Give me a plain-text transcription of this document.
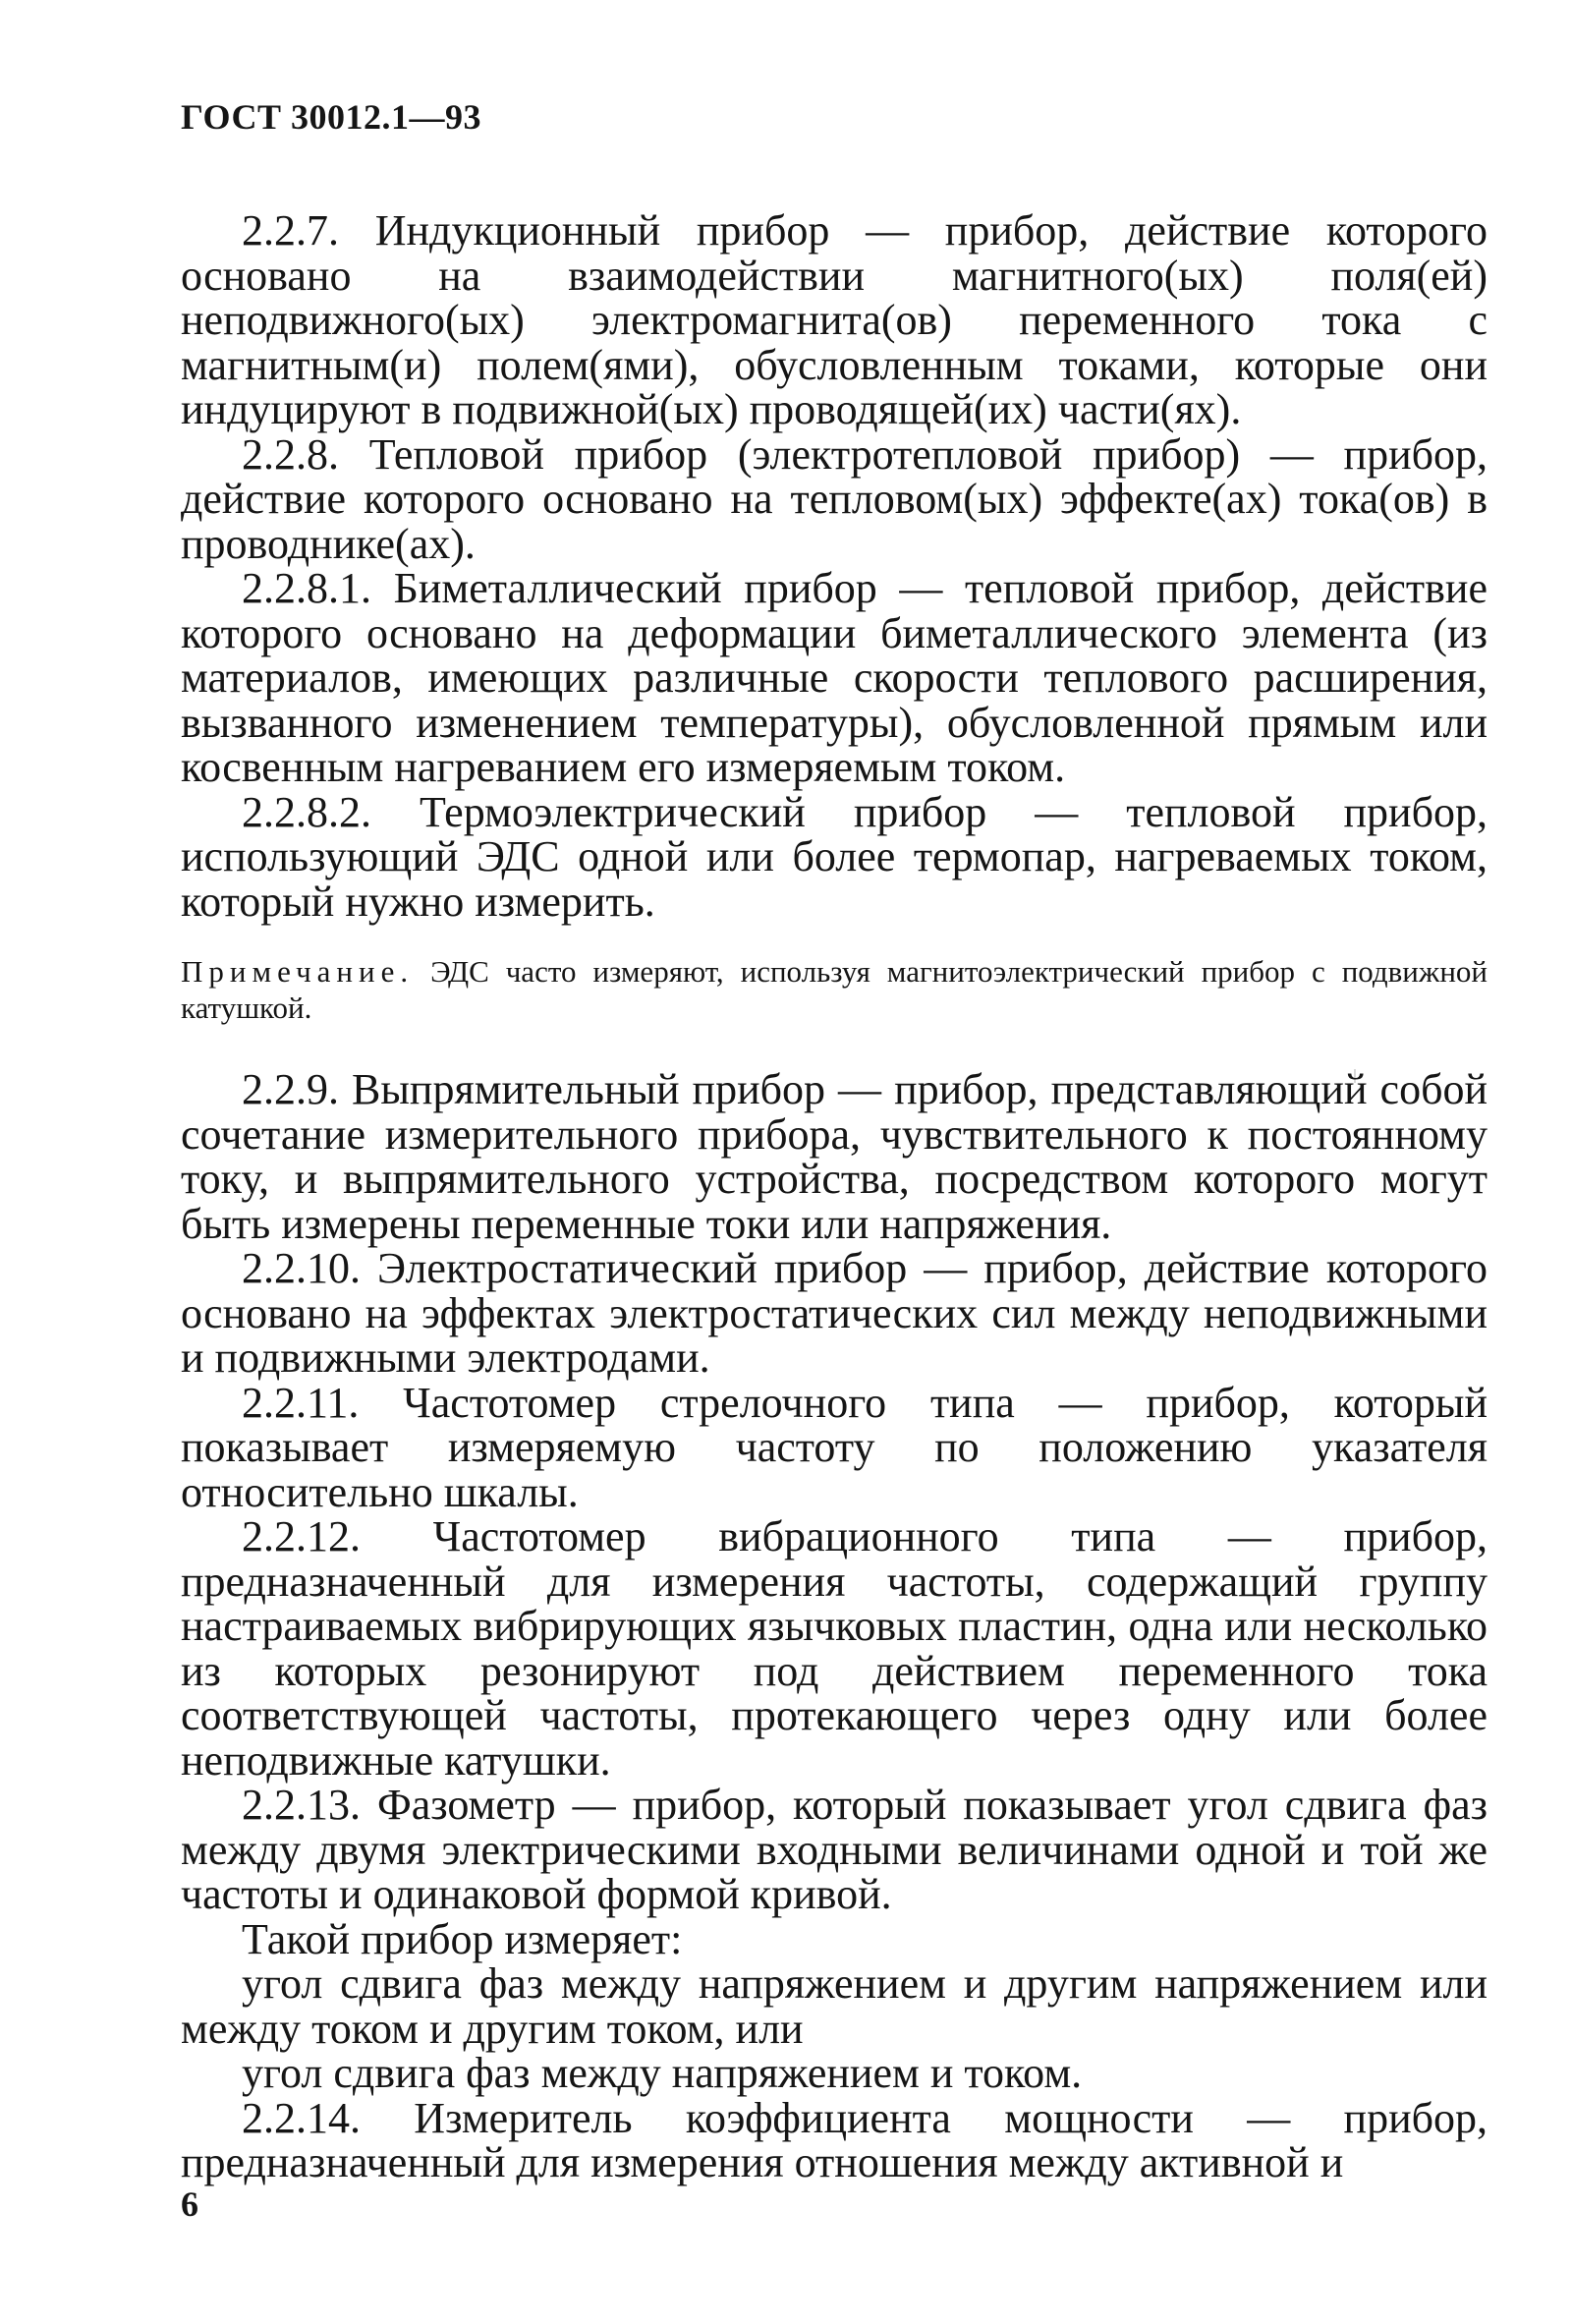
ГОСТ 30012.1—93

2.2.7. Индукционный прибор — прибор, действие которого основано на взаимодействии магнитного(ых) поля(ей) неподвижного(ых) электромагнита(ов) переменного тока с магнитным(и) полем(ями), обусловленным токами, которые они индуцируют в подвижной(ых) проводящей(их) части(ях).

2.2.8. Тепловой прибор (электротепловой прибор) — прибор, действие которого основано на тепловом(ых) эффекте(ах) тока(ов) в проводнике(ах).

2.2.8.1. Биметаллический прибор — тепловой прибор, действие которого основано на деформации биметаллического элемента (из материалов, имеющих различные скорости теплового расширения, вызванного изменением температуры), обусловленной прямым или косвенным нагреванием его измеряемым током.

2.2.8.2. Термоэлектрический прибор — тепловой прибор, использующий ЭДС одной или более термопар, нагреваемых током, который нужно измерить.

Примечание. ЭДС часто измеряют, используя магнитоэлектрический прибор с подвижной катушкой.

2.2.9. Выпрямительный прибор — прибор, представляющий собой сочетание измерительного прибора, чувствительного к постоянному току, и выпрямительного устройства, посредством которого могут быть измерены переменные токи или напряжения.

2.2.10. Электростатический прибор — прибор, действие которого основано на эффектах электростатических сил между неподвижными и подвижными электродами.

2.2.11. Частотомер стрелочного типа — прибор, который показывает измеряемую частоту по положению указателя относительно шкалы.

2.2.12. Частотомер вибрационного типа — прибор, предназначенный для измерения частоты, содержащий группу настраиваемых вибрирующих язычковых пластин, одна или несколько из которых резонируют под действием переменного тока соответствующей частоты, протекающего через одну или более неподвижные катушки.

2.2.13. Фазометр — прибор, который показывает угол сдвига фаз между двумя электрическими входными величинами одной и той же частоты и одинаковой формой кривой.

Такой прибор измеряет:

угол сдвига фаз между напряжением и другим напряжением или между током и другим током, или

угол сдвига фаз между напряжением и током.

2.2.14. Измеритель коэффициента мощности — прибор, предназначенный для измерения отношения между активной и

6
